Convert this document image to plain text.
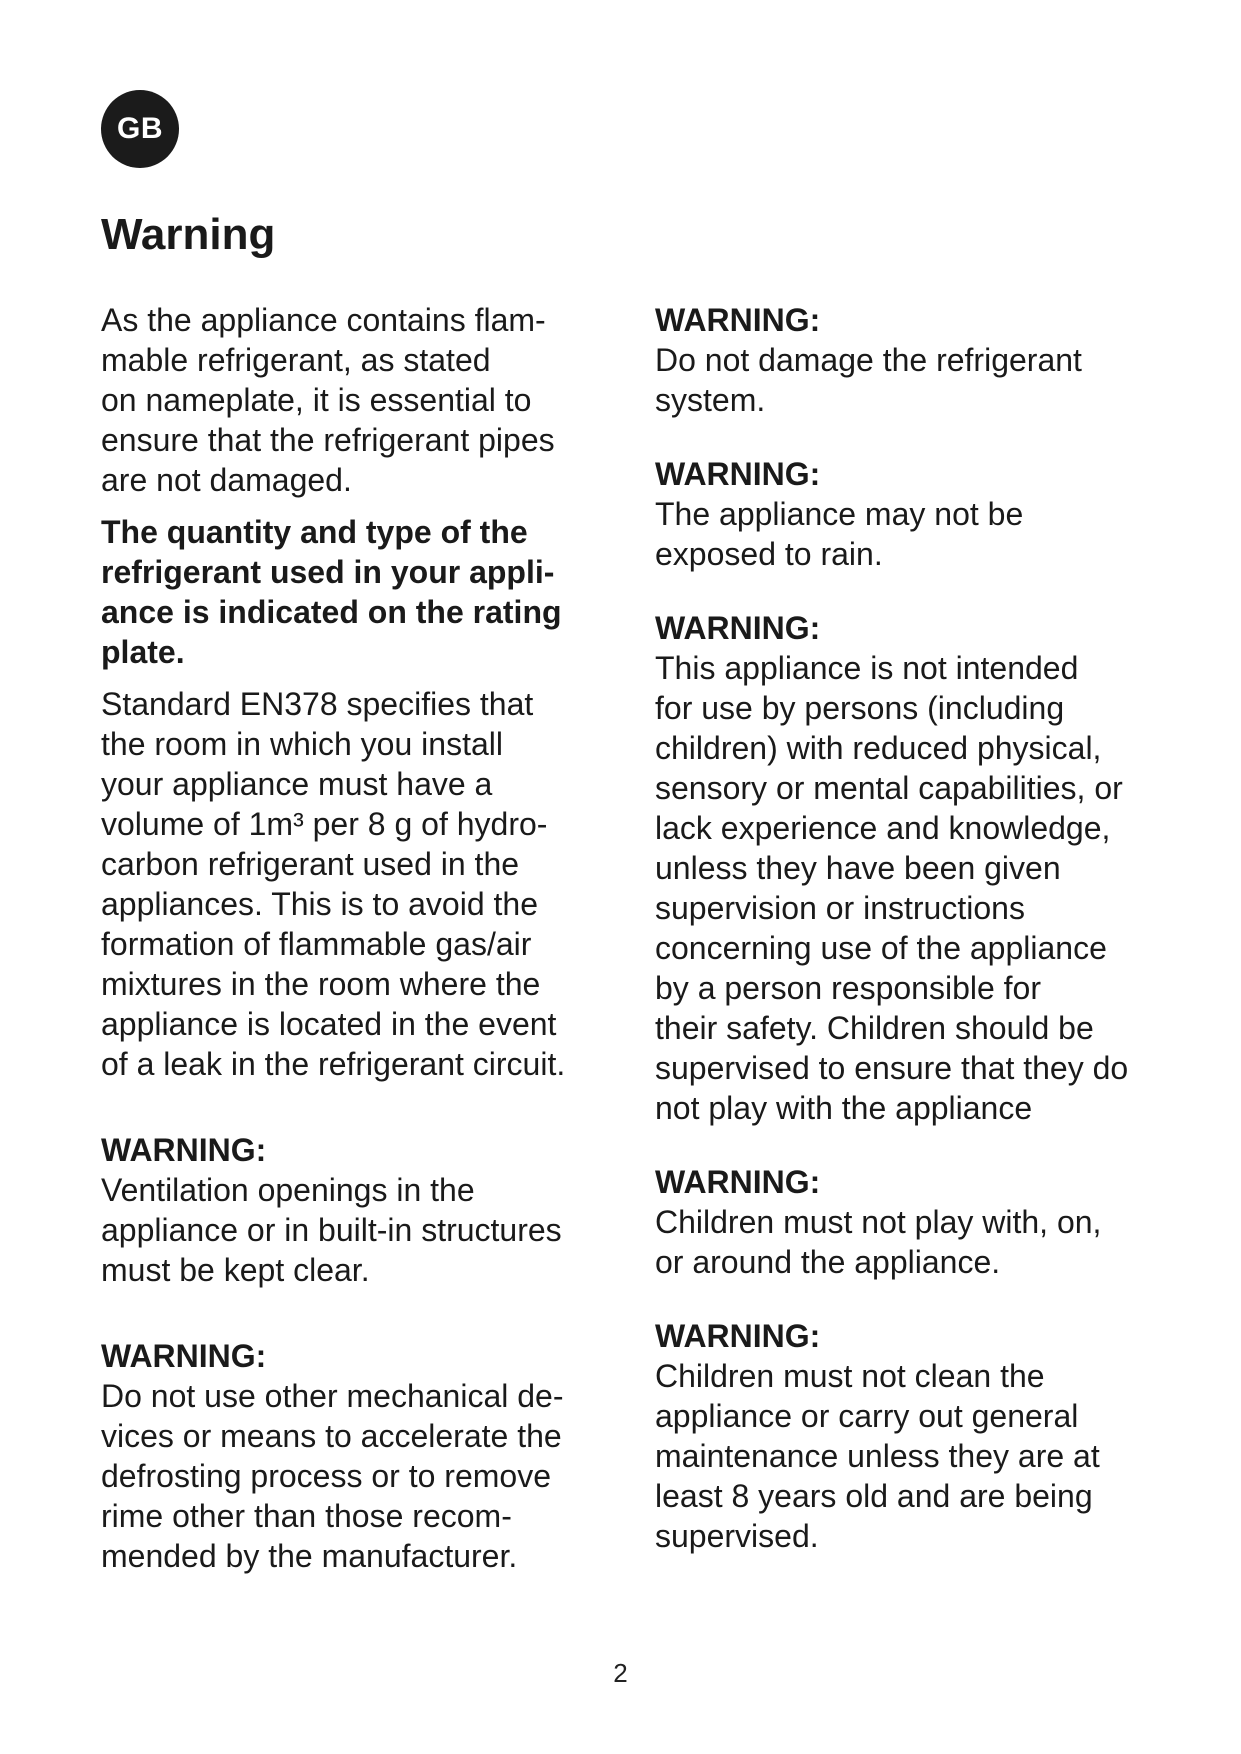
GB
Warning

As the appliance contains flam-
mable refrigerant, as stated
on nameplate, it is essential to
ensure that the refrigerant pipes
are not damaged.

The quantity and type of the
refrigerant used in your appli-
ance is indicated on the rating
plate.

Standard EN378 specifies that
the room in which you install
your appliance must have a
volume of 1m³ per 8 g of hydro-
carbon refrigerant used in the
appliances. This is to avoid the
formation of flammable gas/air
mixtures in the room where the
appliance is located in the event
of a leak in the refrigerant circuit.

WARNING:
Ventilation openings in the
appliance or in built-in structures
must be kept clear.
WARNING:
Do not use other mechanical de-
vices or means to accelerate the
defrosting process or to remove
rime other than those recom-
mended by the manufacturer.
WARNING:
Do not damage the refrigerant
system.
WARNING:
The appliance may not be
exposed to rain.
WARNING:
This appliance is not intended
for use by persons (including
children) with reduced physical,
sensory or mental capabilities, or
lack experience and knowledge,
unless they have been given
supervision or instructions
concerning use of the appliance
by a person responsible for
their safety. Children should be
supervised to ensure that they do
not play with the appliance
WARNING:
Children must not play with, on,
or around the appliance.
WARNING:
Children must not clean the
appliance or carry out general
maintenance unless they are at
least 8 years old and are being
supervised.
2
